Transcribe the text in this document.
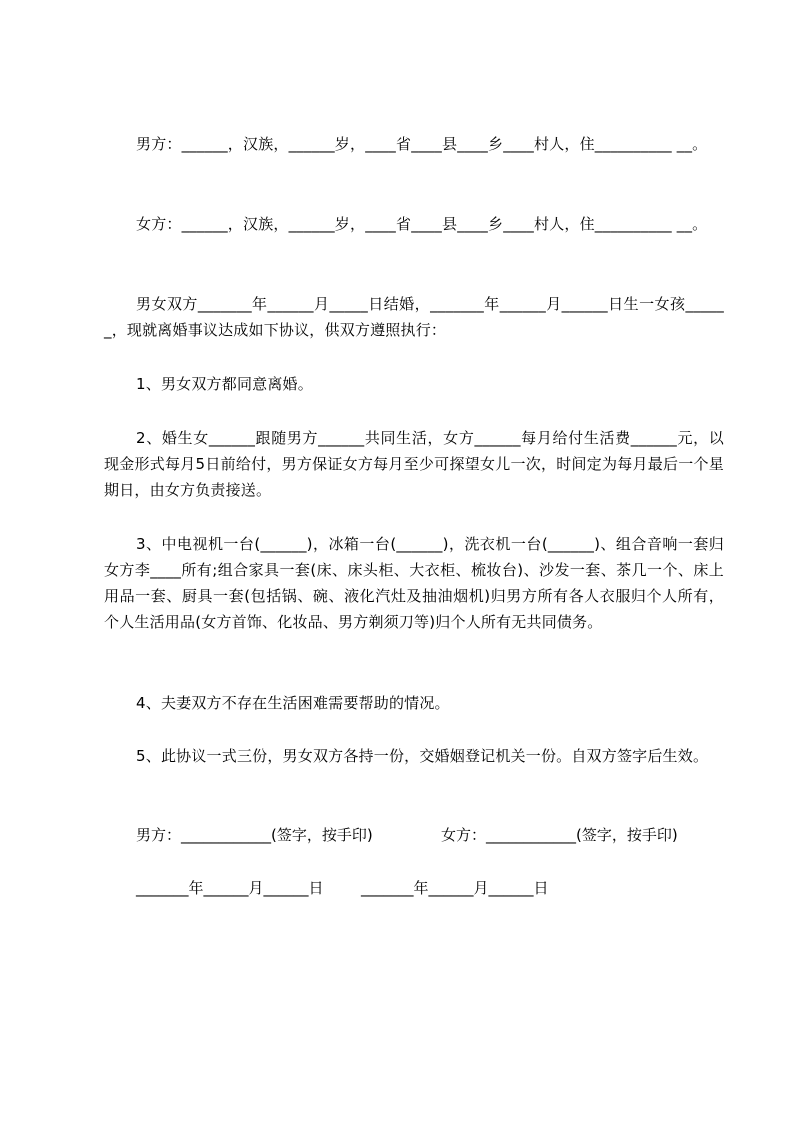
男方：______，汉族，______岁，____省____县____乡____村人，住__________ __。

女方：______，汉族，______岁，____省____县____乡____村人，住__________ __。

男女双方_______年______月_____日结婚，_______年______月______日生一女孩______，现就离婚事议达成如下协议，供双方遵照执行：

1、男女双方都同意离婚。

2、婚生女______跟随男方______共同生活，女方______每月给付生活费______元，以现金形式每月5日前给付，男方保证女方每月至少可探望女儿一次，时间定为每月最后一个星期日，由女方负责接送。

3、中电视机一台(______)，冰箱一台(______)，洗衣机一台(______)、组合音响一套归女方李____所有;组合家具一套(床、床头柜、大衣柜、梳妆台)、沙发一套、茶几一个、床上用品一套、厨具一套(包括锅、碗、液化汽灶及抽油烟机)归男方所有各人衣服归个人所有，个人生活用品(女方首饰、化妆品、男方剃须刀等)归个人所有无共同债务。

4、夫妻双方不存在生活困难需要帮助的情况。

5、此协议一式三份，男女双方各持一份，交婚姻登记机关一份。自双方签字后生效。

男方：____________(签字，按手印)

	女方：____________(签字，按手印)

_______年______月______日

_______年______月______日
